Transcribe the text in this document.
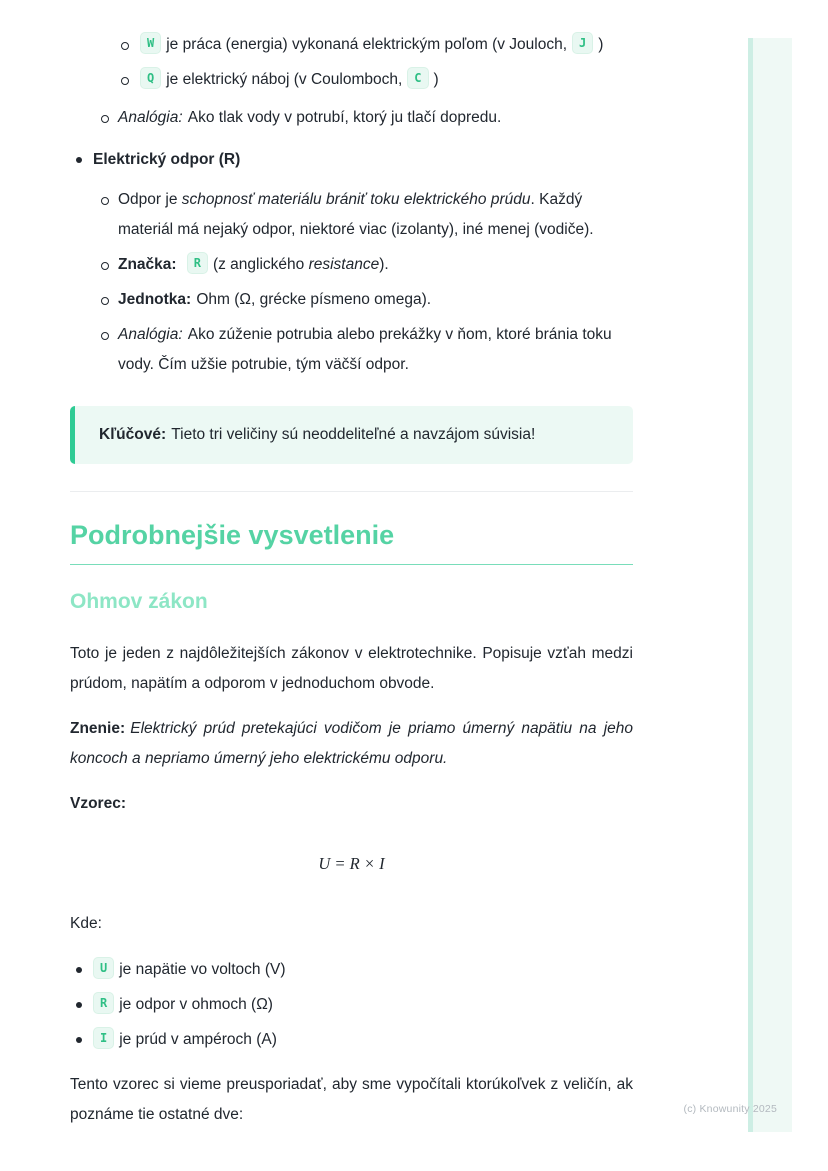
W je práca (energia) vykonaná elektrickým poľom (v Jouloch, J )
Q je elektrický náboj (v Coulomboch, C )
Analógia: Ako tlak vody v potrubí, ktorý ju tlačí dopredu.
Elektrický odpor (R)
Odpor je schopnosť materiálu brániť toku elektrického prúdu. Každý materiál má nejaký odpor, niektoré viac (izolanty), iné menej (vodiče).
Značka: R (z anglického resistance).
Jednotka: Ohm (Ω, grécke písmeno omega).
Analógia: Ako zúženie potrubia alebo prekážky v ňom, ktoré bránia toku vody. Čím užšie potrubie, tým väčší odpor.
Kľúčové: Tieto tri veličiny sú neoddeliteľné a navzájom súvisia!
Podrobnejšie vysvetlenie
Ohmov zákon

Toto je jeden z najdôležitejších zákonov v elektrotechnike. Popisuje vzťah medzi prúdom, napätím a odporom v jednoduchom obvode.

Znenie: Elektrický prúd pretekajúci vodičom je priamo úmerný napätiu na jeho koncoch a nepriamo úmerný jeho elektrickému odporu.

Vzorec:

U = R × I
Kde:
U je napätie vo voltoch (V)
R je odpor v ohmoch (Ω)
I je prúd v ampéroch (A)

Tento vzorec si vieme preusporiadať, aby sme vypočítali ktorúkoľvek z veličín, ak poznáme tie ostatné dve:	(c) Knowunity 2025
